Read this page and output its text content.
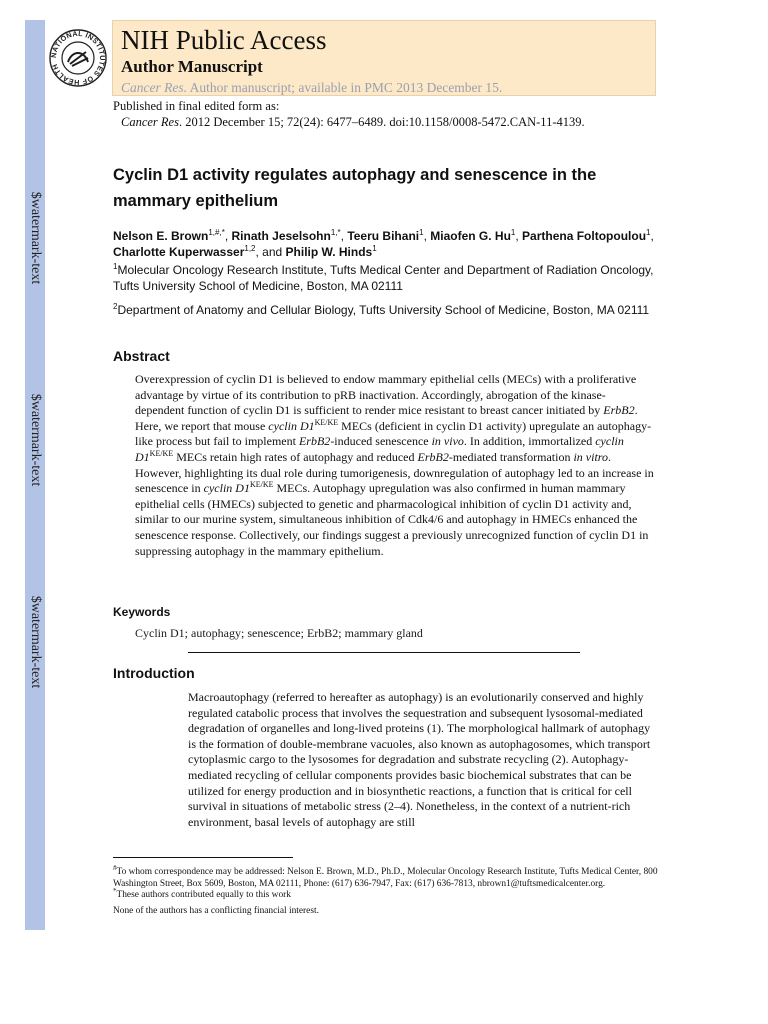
$watermark-text
$watermark-text
$watermark-text
NATIONAL INSTITUTES OF HEALTH
NIH Public Access
Author Manuscript
Cancer Res. Author manuscript; available in PMC 2013 December 15.
Published in final edited form as:
Cancer Res. 2012 December 15; 72(24): 6477–6489. doi:10.1158/0008-5472.CAN-11-4139.
Cyclin D1 activity regulates autophagy and senescence in the mammary epithelium
Nelson E. Brown$^{1,\#,*}$, Rinath Jeselsohn$^{1,*}$, Teeru Bihani$^1$, Miaofen G. Hu$^1$, Parthena Foltopoulou$^1$, Charlotte Kuperwasser$^{1,2}$, and Philip W. Hinds$^1$
$^1$Molecular Oncology Research Institute, Tufts Medical Center and Department of Radiation Oncology, Tufts University School of Medicine, Boston, MA 02111
$^2$Department of Anatomy and Cellular Biology, Tufts University School of Medicine, Boston, MA 02111
Abstract
Overexpression of cyclin D1 is believed to endow mammary epithelial cells (MECs) with a proliferative advantage by virtue of its contribution to pRB inactivation. Accordingly, abrogation of the kinase-dependent function of cyclin D1 is sufficient to render mice resistant to breast cancer initiated by ErbB2. Here, we report that mouse cyclin $D1^{KE/KE}$ MECs (deficient in cyclin D1 activity) upregulate an autophagy-like process but fail to implement ErbB2-induced senescence in vivo. In addition, immortalized cyclin $D1^{KE/KE}$ MECs retain high rates of autophagy and reduced ErbB2-mediated transformation in vitro. However, highlighting its dual role during tumorigenesis, downregulation of autophagy led to an increase in senescence in cyclin $D1^{KE/KE}$ MECs. Autophagy upregulation was also confirmed in human mammary epithelial cells (HMECs) subjected to genetic and pharmacological inhibition of cyclin D1 activity and, similar to our murine system, simultaneous inhibition of Cdk4/6 and autophagy in HMECs enhanced the senescence response. Collectively, our findings suggest a previously unrecognized function of cyclin D1 in suppressing autophagy in the mammary epithelium.
Keywords
Cyclin D1; autophagy; senescence; ErbB2; mammary gland
Introduction
Macroautophagy (referred to hereafter as autophagy) is an evolutionarily conserved and highly regulated catabolic process that involves the sequestration and subsequent lysosomal-mediated degradation of organelles and long-lived proteins (1). The morphological hallmark of autophagy is the formation of double-membrane vacuoles, also known as autophagosomes, which transport cytoplasmic cargo to the lysosomes for degradation and substrate recycling (2). Autophagy-mediated recycling of cellular components provides basic biochemical substrates that can be utilized for energy production and in biosynthetic reactions, a function that is critical for cell survival in situations of metabolic stress (2–4). Nonetheless, in the context of a nutrient-rich environment, basal levels of autophagy are still

#To whom correspondence may be addressed: Nelson E. Brown, M.D., Ph.D., Molecular Oncology Research Institute, Tufts Medical Center, 800 Washington Street, Box 5609, Boston, MA 02111, Phone: (617) 636-7947, Fax: (617) 636-7813, nbrown1@tuftsmedicalcenter.org.

*These authors contributed equally to this work

None of the authors has a conflicting financial interest.
